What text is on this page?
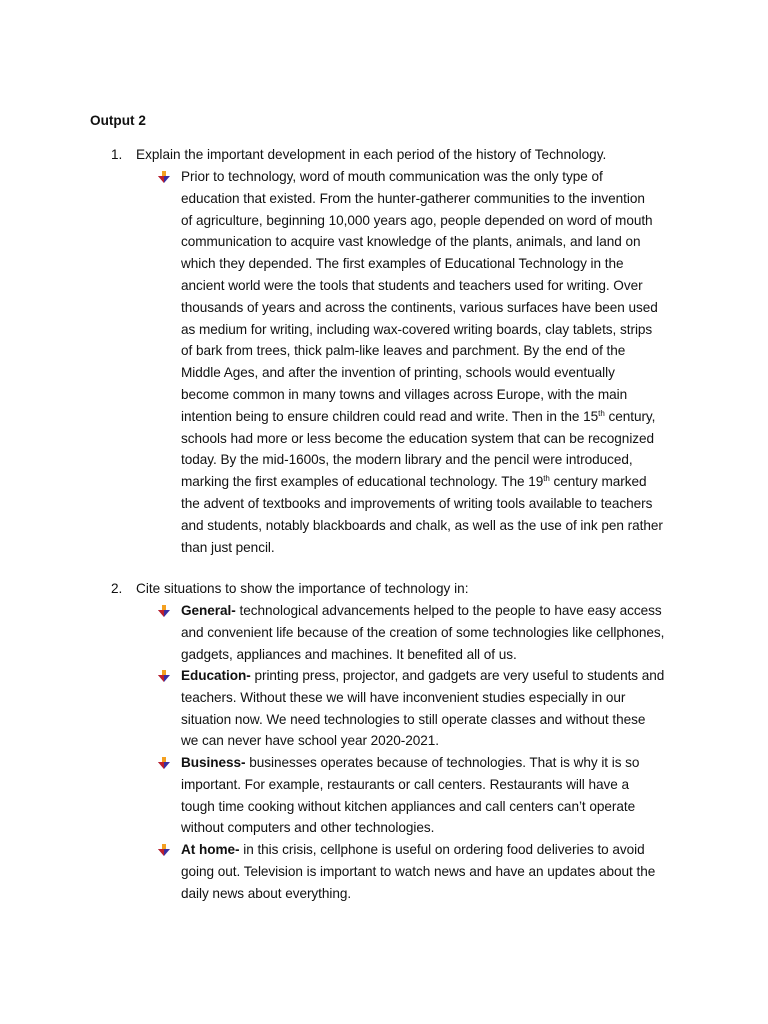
Output 2
1. Explain the important development in each period of the history of Technology.
Prior to technology, word of mouth communication was the only type of
education that existed. From the hunter-gatherer communities to the invention
of agriculture, beginning 10,000 years ago, people depended on word of mouth
communication to acquire vast knowledge of the plants, animals, and land on
which they depended. The first examples of Educational Technology in the
ancient world were the tools that students and teachers used for writing. Over
thousands of years and across the continents, various surfaces have been used
as medium for writing, including wax-covered writing boards, clay tablets, strips
of bark from trees, thick palm-like leaves and parchment. By the end of the
Middle Ages, and after the invention of printing, schools would eventually
become common in many towns and villages across Europe, with the main
intention being to ensure children could read and write. Then in the 15th century,
schools had more or less become the education system that can be recognized
today. By the mid-1600s, the modern library and the pencil were introduced,
marking the first examples of educational technology. The 19th century marked
the advent of textbooks and improvements of writing tools available to teachers
and students, notably blackboards and chalk, as well as the use of ink pen rather
than just pencil.
2. Cite situations to show the importance of technology in:
General- technological advancements helped to the people to have easy access
and convenient life because of the creation of some technologies like cellphones,
gadgets, appliances and machines. It benefited all of us.
Education- printing press, projector, and gadgets are very useful to students and
teachers. Without these we will have inconvenient studies especially in our
situation now. We need technologies to still operate classes and without these
we can never have school year 2020-2021.
Business- businesses operates because of technologies. That is why it is so
important. For example, restaurants or call centers. Restaurants will have a
tough time cooking without kitchen appliances and call centers can’t operate
without computers and other technologies.
At home- in this crisis, cellphone is useful on ordering food deliveries to avoid
going out. Television is important to watch news and have an updates about the
daily news about everything.
